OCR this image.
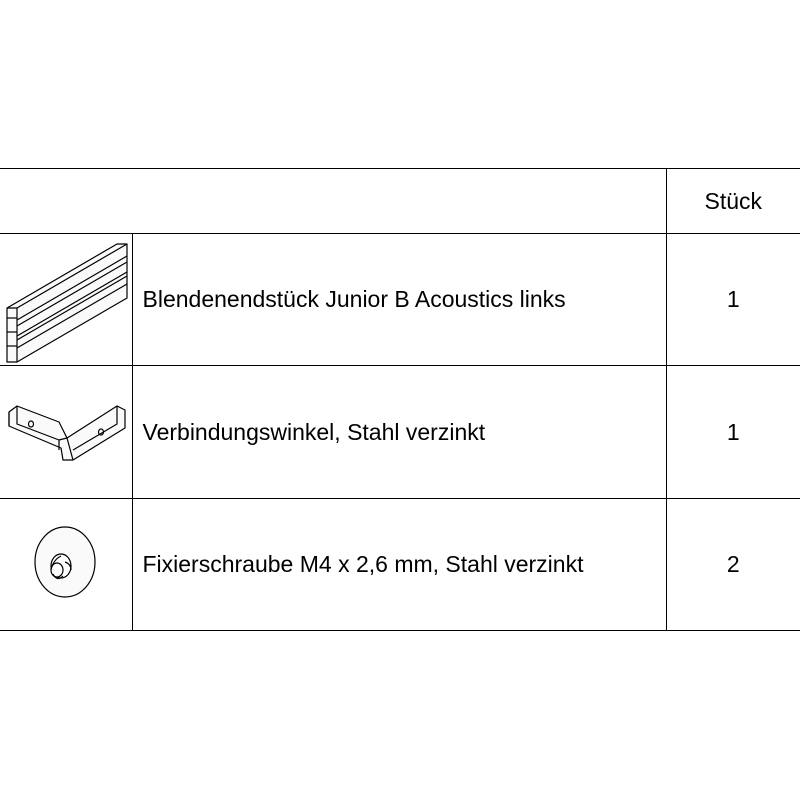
		Stück

	Blendenendstück Junior B Acoustics links	1

	Verbindungswinkel, Stahl verzinkt	1

	Fixierschraube M4 x 2,6 mm, Stahl verzinkt	2
